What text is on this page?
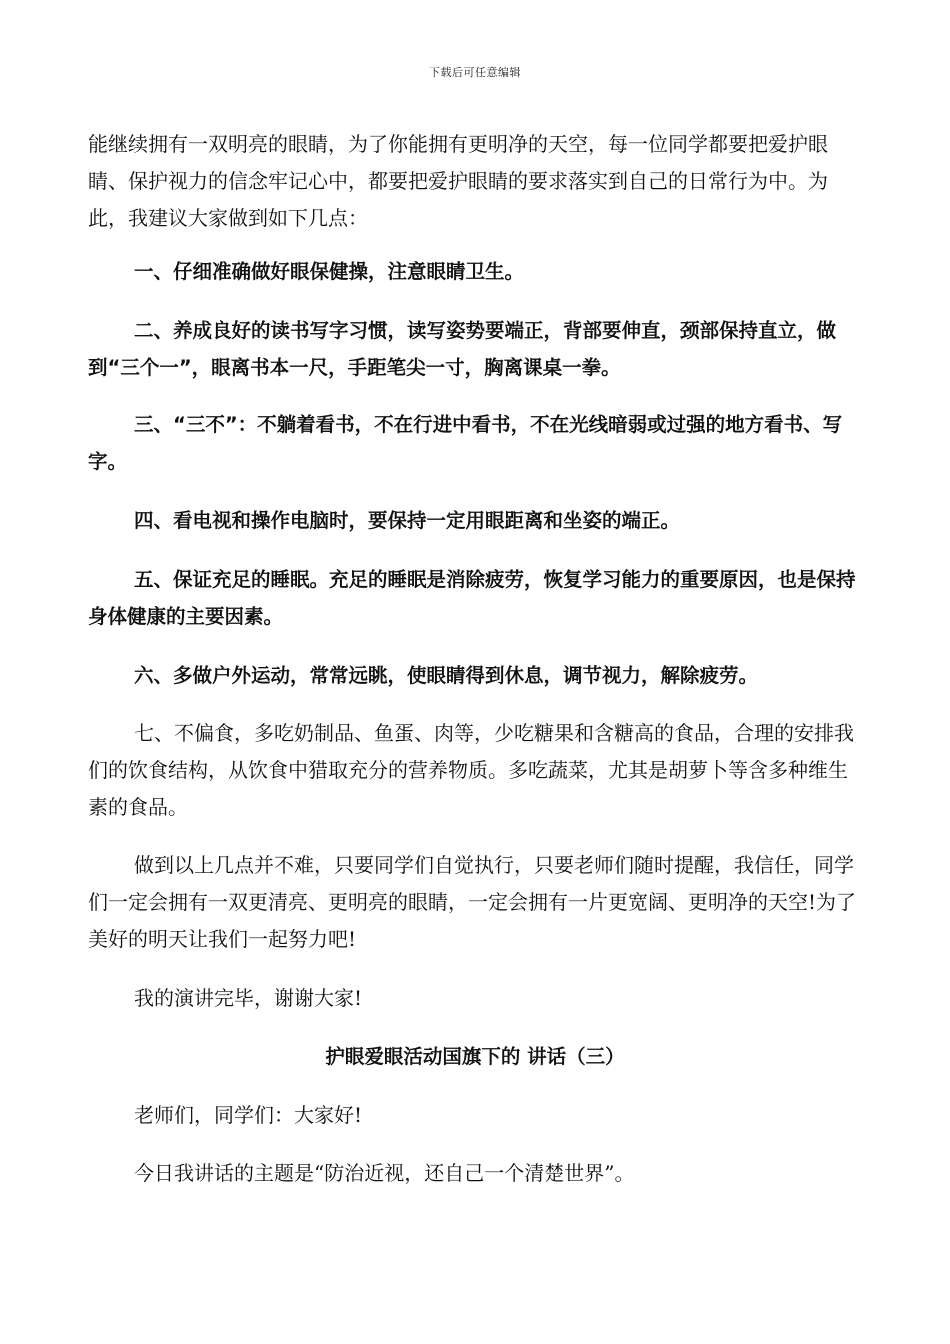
下载后可任意编辑

能继续拥有一双明亮的眼睛，为了你能拥有更明净的天空，每一位同学都要把爱护眼睛、保护视力的信念牢记心中，都要把爱护眼睛的要求落实到自己的日常行为中。为此，我建议大家做到如下几点：

一、仔细准确做好眼保健操，注意眼睛卫生。

二、养成良好的读书写字习惯，读写姿势要端正，背部要伸直，颈部保持直立，做到“三个一”，眼离书本一尺，手距笔尖一寸，胸离课桌一拳。

三、“三不”：不躺着看书，不在行进中看书，不在光线暗弱或过强的地方看书、写字。

四、看电视和操作电脑时，要保持一定用眼距离和坐姿的端正。

五、保证充足的睡眠。充足的睡眠是消除疲劳，恢复学习能力的重要原因，也是保持身体健康的主要因素。

六、多做户外运动，常常远眺，使眼睛得到休息，调节视力，解除疲劳。

七、不偏食，多吃奶制品、鱼蛋、肉等，少吃糖果和含糖高的食品，合理的安排我们的饮食结构，从饮食中猎取充分的营养物质。多吃蔬菜，尤其是胡萝卜等含多种维生素的食品。

做到以上几点并不难，只要同学们自觉执行，只要老师们随时提醒，我信任，同学们一定会拥有一双更清亮、更明亮的眼睛，一定会拥有一片更宽阔、更明净的天空!为了美好的明天让我们一起努力吧!

我的演讲完毕，谢谢大家!

护眼爱眼活动国旗下的 讲话（三）

老师们，同学们：大家好!

今日我讲话的主题是“防治近视，还自己一个清楚世界”。
